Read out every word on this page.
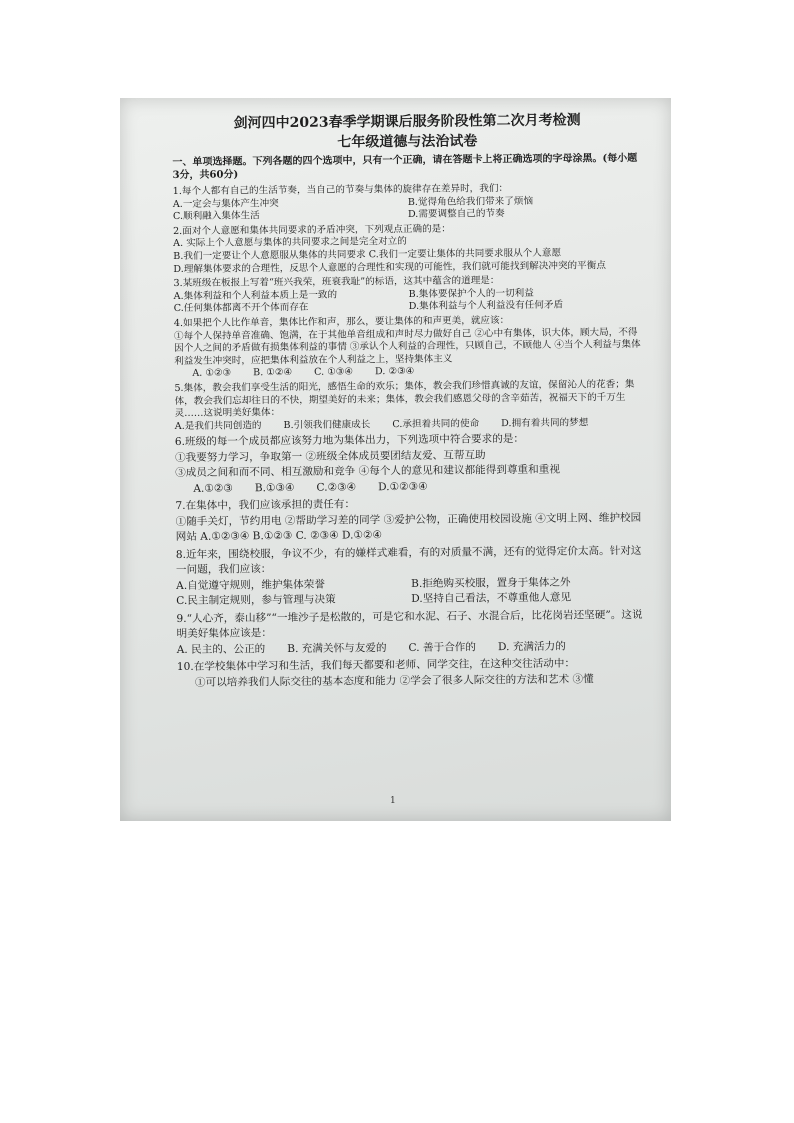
剑河四中2023春季学期课后服务阶段性第二次月考检测
七年级道德与法治试卷
一、单项选择题。下列各题的四个选项中，只有一个正确，请在答题卡上将正确选项的字母涂黑。(每小题3分，共60分)
1.每个人都有自己的生活节奏，当自己的节奏与集体的旋律存在差异时，我们：
A.一定会与集体产生冲突	B.觉得角色给我们带来了烦恼
C.顺利融入集体生活	D.需要调整自己的节奏
2.面对个人意愿和集体共同要求的矛盾冲突，下列观点正确的是：
A. 实际上个人意愿与集体的共同要求之间是完全对立的
B.我们一定要让个人意愿服从集体的共同要求 C.我们一定要让集体的共同要求服从个人意愿
D.理解集体要求的合理性，反思个人意愿的合理性和实现的可能性，我们就可能找到解决冲突的平衡点
3.某班级在板报上写着“班兴我荣，班衰我耻”的标语，这其中蕴含的道理是：
A.集体利益和个人利益本质上是一致的	B.集体要保护个人的一切利益
C.任何集体都离不开个体而存在	D.集体利益与个人利益没有任何矛盾
4.如果把个人比作单音，集体比作和声，那么，要让集体的和声更美，就应该：
①每个人保持单音准确、饱满，在于其他单音组成和声时尽力做好自己 ②心中有集体，识大体，顾大局，不得因个人之间的矛盾做有损集体利益的事情 ③承认个人利益的合理性，只顾自己，不顾他人 ④当个人利益与集体利益发生冲突时，应把集体利益放在个人利益之上，坚持集体主义
A. ①②③ B. ①②④ C. ①③④ D. ②③④
5.集体，教会我们享受生活的阳光，感悟生命的欢乐；集体，教会我们珍惜真诚的友谊，保留沁人的花香；集体，教会我们忘却往日的不快，期望美好的未来；集体，教会我们感恩父母的含辛茹苦，祝福天下的千万生灵……这说明美好集体：
A.是我们共同创造的 B.引领我们健康成长 C.承担着共同的使命 D.拥有着共同的梦想
6.班级的每一个成员都应该努力地为集体出力，下列选项中符合要求的是：
①我要努力学习，争取第一 ②班级全体成员要团结友爱、互帮互助
③成员之间和而不同、相互激励和竞争 ④每个人的意见和建议都能得到尊重和重视
A.①②③ B.①③④ C.②③④ D.①②③④
7.在集体中，我们应该承担的责任有：
①随手关灯，节约用电 ②帮助学习差的同学 ③爱护公物，正确使用校园设施 ④文明上网、维护校园网站 A.①②③④ B.①②③ C. ②③④ D.①②④
8.近年来，围绕校服，争议不少，有的嫌样式难看，有的对质量不满，还有的觉得定价太高。针对这一问题，我们应该：
A.自觉遵守规则，维护集体荣誉	B.拒绝购买校服，置身于集体之外
C.民主制定规则，参与管理与决策	D.坚持自己看法，不尊重他人意见
9.“人心齐，泰山移”“一堆沙子是松散的，可是它和水泥、石子、水混合后，比花岗岩还坚硬”。这说明美好集体应该是：
A. 民主的、公正的 B. 充满关怀与友爱的 C. 善于合作的 D. 充满活力的
10.在学校集体中学习和生活，我们每天都要和老师、同学交往，在这种交往活动中：
①可以培养我们人际交往的基本态度和能力 ②学会了很多人际交往的方法和艺术 ③懂
1
